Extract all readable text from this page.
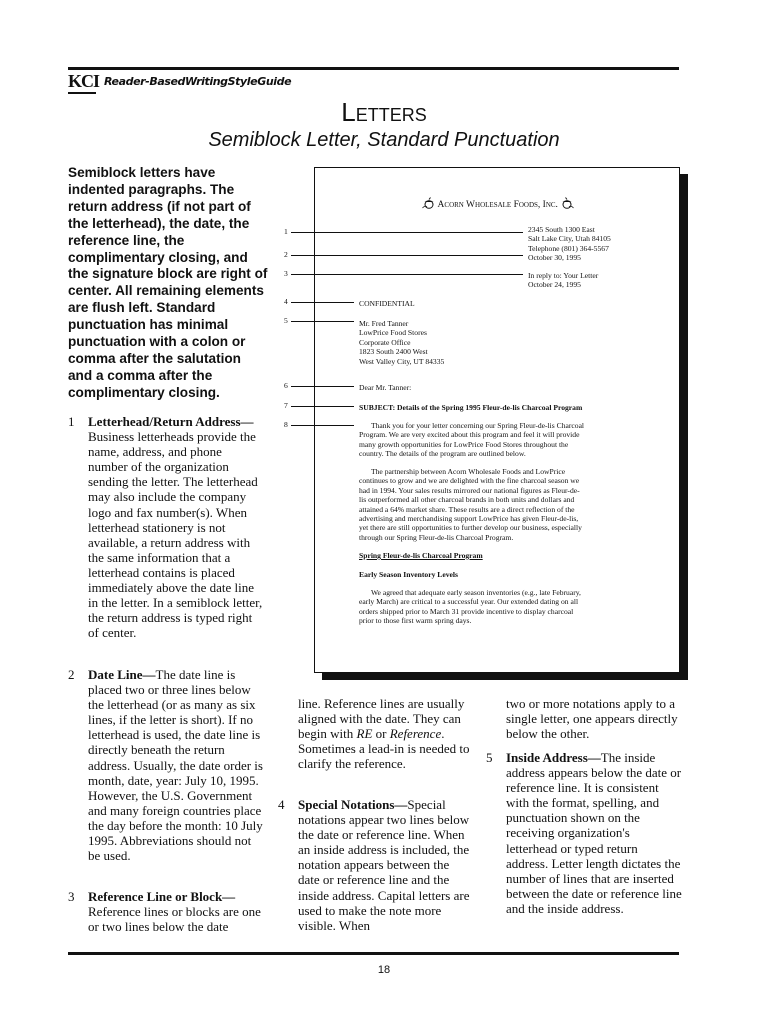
KCI Reader-BasedWritingStyleGuide
Letters
Semiblock Letter, Standard Punctuation
Semiblock letters have indented paragraphs. The return address (if not part of the letterhead), the date, the reference line, the complimentary closing, and the signature block are right of center. All remaining elements are flush left. Standard punctuation has minimal punctuation with a colon or comma after the salutation and a comma after the complimentary closing.
1 Letterhead/Return Address—Business letterheads provide the name, address, and phone number of the organization sending the letter. The letterhead may also include the company logo and fax number(s). When letterhead stationery is not available, a return address with the same information that a letterhead contains is placed immediately above the date line in the letter. In a semiblock letter, the return address is typed right of center.
2 Date Line—The date line is placed two or three lines below the letterhead (or as many as six lines, if the letter is short). If no letterhead is used, the date line is directly beneath the return address. Usually, the date order is month, date, year: July 10, 1995. However, the U.S. Government and many foreign countries place the day before the month: 10 July 1995. Abbreviations should not be used.
3 Reference Line or Block—Reference lines or blocks are one or two lines below the date
line. Reference lines are usually aligned with the date. They can begin with RE or Reference. Sometimes a lead-in is needed to clarify the reference.
4 Special Notations—Special notations appear two lines below the date or reference line. When an inside address is included, the notation appears between the date or reference line and the inside address. Capital letters are used to make the note more visible. When
two or more notations apply to a single letter, one appears directly below the other.
5 Inside Address—The inside address appears below the date or reference line. It is consistent with the format, spelling, and punctuation shown on the receiving organization's letterhead or typed return address. Letter length dictates the number of lines that are inserted between the date or reference line and the inside address.
Acorn Wholesale Foods, Inc.
2345 South 1300 East
Salt Lake City, Utah 84105
Telephone (801) 364-5567
October 30, 1995
In reply to: Your Letter
October 24, 1995
CONFIDENTIAL
Mr. Fred Tanner
LowPrice Food Stores
Corporate Office
1823 South 2400 West
West Valley City, UT 84335
Dear Mr. Tanner:
SUBJECT: Details of the Spring 1995 Fleur-de-lis Charcoal Program
Thank you for your letter concerning our Spring Fleur-de-lis Charcoal
Program. We are very excited about this program and feel it will provide
many growth opportunities for LowPrice Food Stores throughout the
country. The details of the program are outlined below.
The partnership between Acorn Wholesale Foods and LowPrice
continues to grow and we are delighted with the fine charcoal season we
had in 1994. Your sales results mirrored our national figures as Fleur-de-
lis outperformed all other charcoal brands in both units and dollars and
attained a 64% market share. These results are a direct reflection of the
advertising and merchandising support LowPrice has given Fleur-de-lis,
yet there are still opportunities to further develop our business, especially
through our Spring Fleur-de-lis Charcoal Program.
Spring Fleur-de-lis Charcoal Program
Early Season Inventory Levels
We agreed that adequate early season inventories (e.g., late February,
early March) are critical to a successful year. Our extended dating on all
orders shipped prior to March 31 provide incentive to display charcoal
prior to those first warm spring days.
1
2
3
4
5
6
7
8
18
